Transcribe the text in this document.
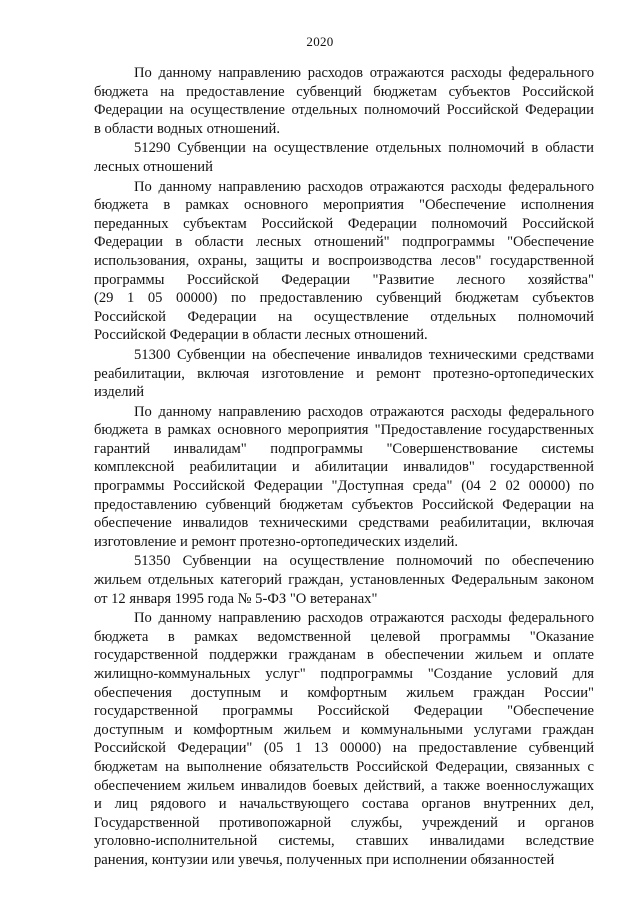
2020
По данному направлению расходов отражаются расходы федерального
бюджета на предоставление субвенций бюджетам субъектов Российской
Федерации на осуществление отдельных полномочий Российской Федерации
в области водных отношений.
51290 Субвенции на осуществление отдельных полномочий в области
лесных отношений
По данному направлению расходов отражаются расходы федерального
бюджета в рамках основного мероприятия "Обеспечение исполнения
переданных субъектам Российской Федерации полномочий Российской
Федерации в области лесных отношений" подпрограммы "Обеспечение
использования, охраны, защиты и воспроизводства лесов" государственной
программы Российской Федерации "Развитие лесного хозяйства"
(29 1 05 00000) по предоставлению субвенций бюджетам субъектов
Российской Федерации на осуществление отдельных полномочий
Российской Федерации в области лесных отношений.
51300 Субвенции на обеспечение инвалидов техническими средствами
реабилитации, включая изготовление и ремонт протезно-ортопедических
изделий
По данному направлению расходов отражаются расходы федерального
бюджета в рамках основного мероприятия "Предоставление государственных
гарантий инвалидам" подпрограммы "Совершенствование системы
комплексной реабилитации и абилитации инвалидов" государственной
программы Российской Федерации "Доступная среда" (04 2 02 00000) по
предоставлению субвенций бюджетам субъектов Российской Федерации на
обеспечение инвалидов техническими средствами реабилитации, включая
изготовление и ремонт протезно-ортопедических изделий.
51350 Субвенции на осуществление полномочий по обеспечению
жильем отдельных категорий граждан, установленных Федеральным законом
от 12 января 1995 года № 5-ФЗ "О ветеранах"
По данному направлению расходов отражаются расходы федерального
бюджета в рамках ведомственной целевой программы "Оказание
государственной поддержки гражданам в обеспечении жильем и оплате
жилищно-коммунальных услуг" подпрограммы "Создание условий для
обеспечения доступным и комфортным жильем граждан России"
государственной программы Российской Федерации "Обеспечение
доступным и комфортным жильем и коммунальными услугами граждан
Российской Федерации" (05 1 13 00000) на предоставление субвенций
бюджетам на выполнение обязательств Российской Федерации, связанных с
обеспечением жильем инвалидов боевых действий, а также военнослужащих
и лиц рядового и начальствующего состава органов внутренних дел,
Государственной противопожарной службы, учреждений и органов
уголовно-исполнительной системы, ставших инвалидами вследствие
ранения, контузии или увечья, полученных при исполнении обязанностей
